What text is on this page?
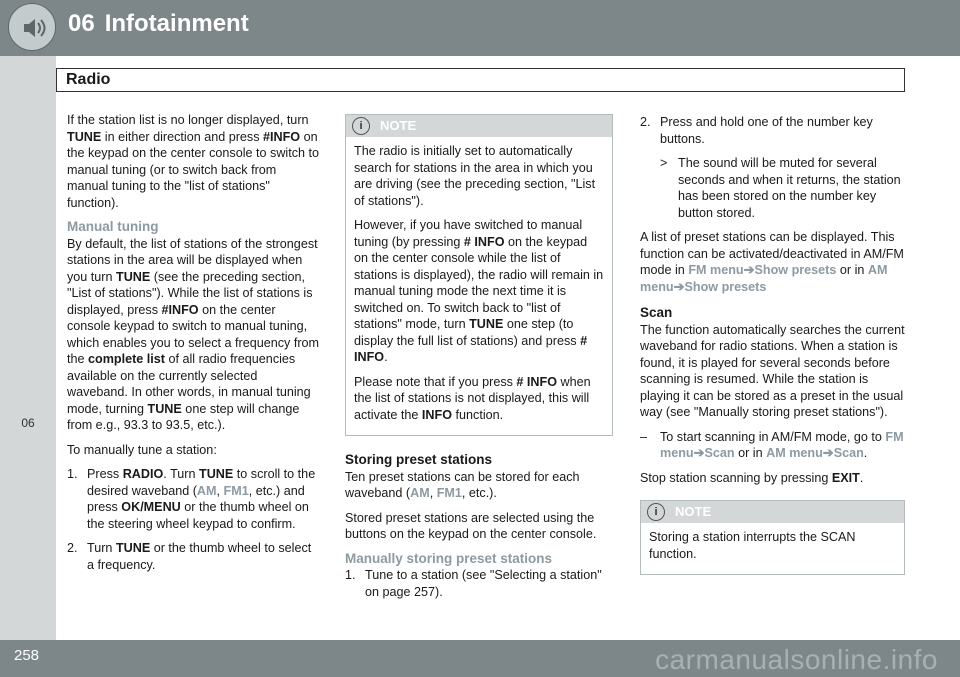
06 Infotainment
06
Radio

If the station list is no longer displayed, turn TUNE in either direction and press #INFO on the keypad on the center console to switch to manual tuning (or to switch back from manual tuning to the "list of stations" function).

Manual tuning

By default, the list of stations of the strongest stations in the area will be displayed when you turn TUNE (see the preceding section, "List of stations"). While the list of stations is displayed, press #INFO on the center console keypad to switch to manual tuning, which enables you to select a frequency from the complete list of all radio frequencies available on the currently selected waveband. In other words, in manual tuning mode, turning TUNE one step will change from e.g., 93.3 to 93.5, etc.).

To manually tune a station:

1. Press RADIO. Turn TUNE to scroll to the desired waveband (AM, FM1, etc.) and press OK/MENU or the thumb wheel on the steering wheel keypad to confirm.
2. Turn TUNE or the thumb wheel to select a frequency.
i	NOTE

The radio is initially set to automatically search for stations in the area in which you are driving (see the preceding section, "List of stations").

However, if you have switched to manual tuning (by pressing # INFO on the keypad on the center console while the list of stations is displayed), the radio will remain in manual tuning mode the next time it is switched on. To switch back to "list of stations" mode, turn TUNE one step (to display the full list of stations) and press # INFO.

Please note that if you press # INFO when the list of stations is not displayed, this will activate the INFO function.

Storing preset stations

Ten preset stations can be stored for each waveband (AM, FM1, etc.).

Stored preset stations are selected using the buttons on the keypad on the center console.

Manually storing preset stations
1. Tune to a station (see "Selecting a station" on page 257).
2. Press and hold one of the number key buttons.
> The sound will be muted for several seconds and when it returns, the station has been stored on the number key button stored.

A list of preset stations can be displayed. This function can be activated/deactivated in AM/FM mode in FM menu➔Show presets or in AM menu➔Show presets

Scan

The function automatically searches the current waveband for radio stations. When a station is found, it is played for several seconds before scanning is resumed. While the station is playing it can be stored as a preset in the usual way (see "Manually storing preset stations").

– To start scanning in AM/FM mode, go to FM menu➔Scan or in AM menu➔Scan.

Stop station scanning by pressing EXIT.

i	NOTE

Storing a station interrupts the SCAN function.

258	carmanualsonline.info
